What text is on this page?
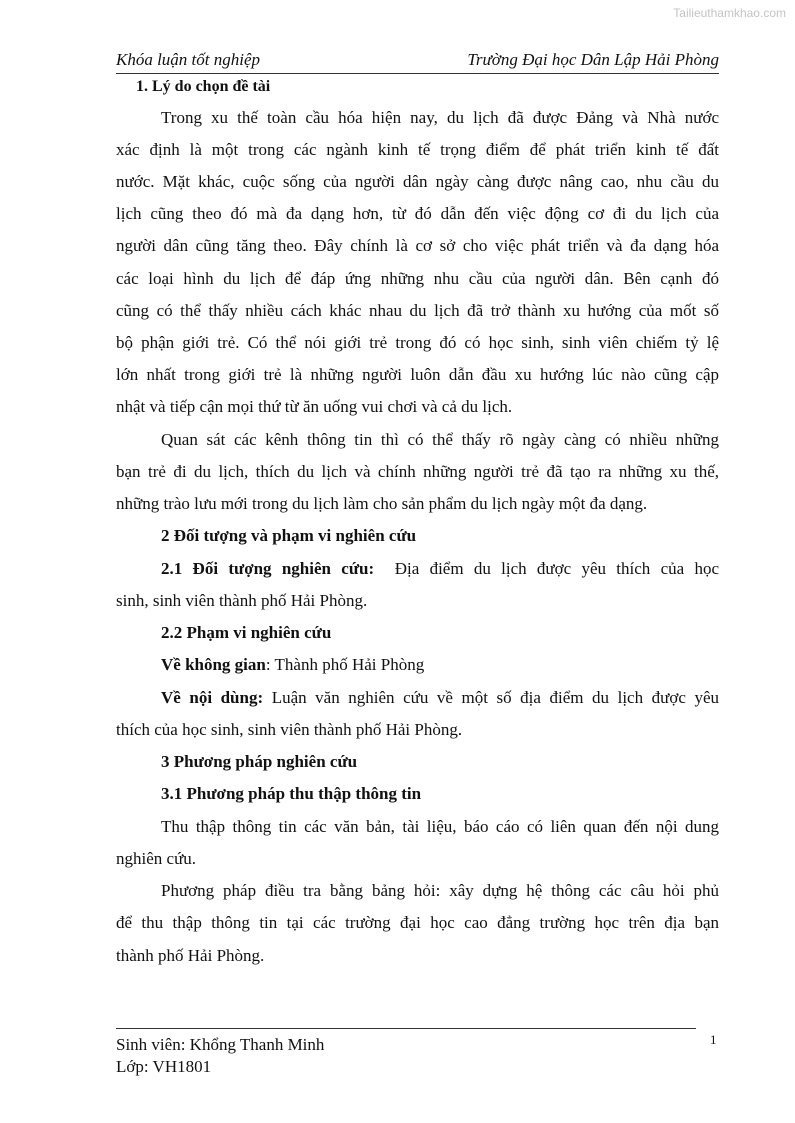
Tailieuthamkhao.com
Khóa luận tốt nghiệp	Trường Đại học Dân Lập Hải Phòng
1. Lý do chọn đề tài
Trong xu thế toàn cầu hóa hiện nay, du lịch đã được Đảng và Nhà nước
xác định là một trong các ngành kinh tế trọng điểm để phát triển kinh tế đất
nước. Mặt khác, cuộc sống của người dân ngày càng được nâng cao, nhu cầu du
lịch cũng theo đó mà đa dạng hơn, từ đó dẫn đến việc động cơ đi du lịch của
người dân cũng tăng theo. Đây chính là cơ sở cho việc phát triển và đa dạng hóa
các loại hình du lịch để đáp ứng những nhu cầu của người dân. Bên cạnh đó
cũng có thể thấy nhiều cách khác nhau du lịch đã trở thành xu hướng của mốt số
bộ phận giới trẻ. Có thể nói giới trẻ trong đó có học sinh, sinh viên chiếm tỷ lệ
lớn nhất trong giới trẻ là những người luôn dẫn đầu xu hướng lúc nào cũng cập
nhật và tiếp cận mọi thứ từ ăn uống vui chơi và cả du lịch.
Quan sát các kênh thông tin thì có thể thấy rõ ngày càng có nhiều những
bạn trẻ đi du lịch, thích du lịch và chính những người trẻ đã tạo ra những xu thế,
những trào lưu mới trong du lịch làm cho sản phẩm du lịch ngày một đa dạng.
2 Đối tượng và phạm vi nghiên cứu
2.1 Đối tượng nghiên cứu: Địa điểm du lịch được yêu thích của học
sinh, sinh viên thành phố Hải Phòng.
2.2 Phạm vi nghiên cứu
Về không gian: Thành phố Hải Phòng
Về nội dùng: Luận văn nghiên cứu về một số địa điểm du lịch được yêu
thích của học sinh, sinh viên thành phố Hải Phòng.
3 Phương pháp nghiên cứu
3.1 Phương pháp thu thập thông tin
Thu thập thông tin các văn bản, tài liệu, báo cáo có liên quan đến nội dung
nghiên cứu.
Phương pháp điều tra bằng bảng hỏi: xây dựng hệ thông các câu hỏi phủ
để thu thập thông tin tại các trường đại học cao đẳng trường học trên địa bạn
thành phố Hải Phòng.
1
Sinh viên: Khổng Thanh Minh
Lớp: VH1801
